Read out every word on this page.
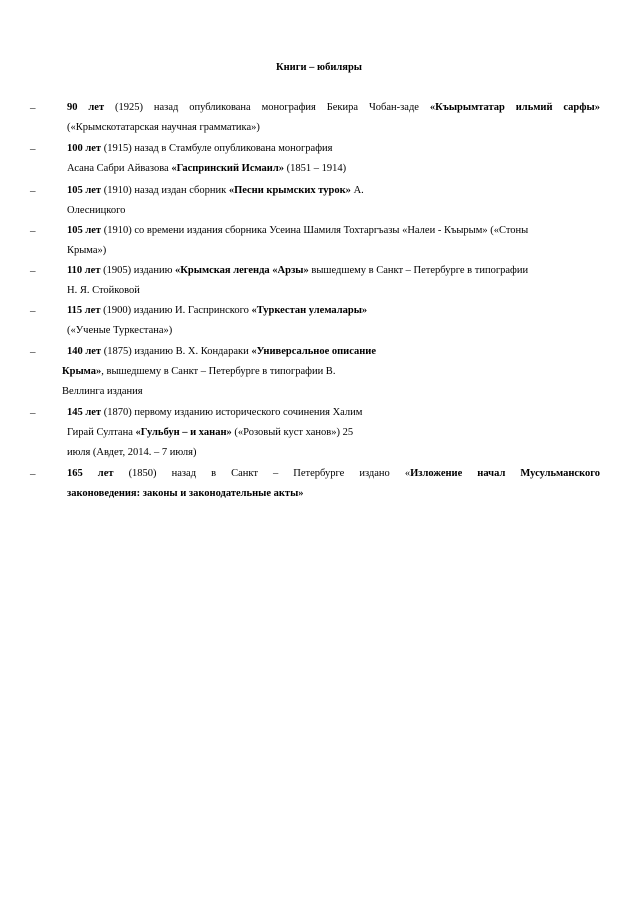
Книги – юбиляры
–	90 лет (1925) назад опубликована монография Бекира Чобан-заде «Къырымтатар ильмий сарфы»
(«Крымскотатарская научная грамматика»)
–	100 лет (1915) назад в Стамбуле опубликована монография
Асана Сабри Айвазова «Гаспринский Исмаил» (1851 – 1914)
–	105 лет (1910) назад издан сборник «Песни крымских турок» А.
Олесницкого
–	105 лет (1910) со времени издания сборника Усеина Шамиля Тохтаргъазы «Налеи - Къырым» («Стоны
Крыма»)
–	110 лет (1905) изданию «Крымская легенда «Арзы» вышедшему в Санкт – Петербурге в типографии
Н. Я. Стойковой
–	115 лет (1900) изданию И. Гаспринского «Туркестан улемалары»
(«Ученые Туркестана»)
–	140 лет (1875) изданию В. Х. Кондараки «Универсальное описание
Крыма», вышедшему в Санкт – Петербурге в типографии В.
Веллинга издания
–	145 лет (1870) первому изданию исторического сочинения Халим
Гирай Султана «Гульбун – и ханан» («Розовый куст ханов») 25
июля (Авдет, 2014. – 7 июля)
–	165 лет (1850) назад в Санкт – Петербурге издано «Изложение начал Мусульманского
законоведения: законы и законодательные акты»
